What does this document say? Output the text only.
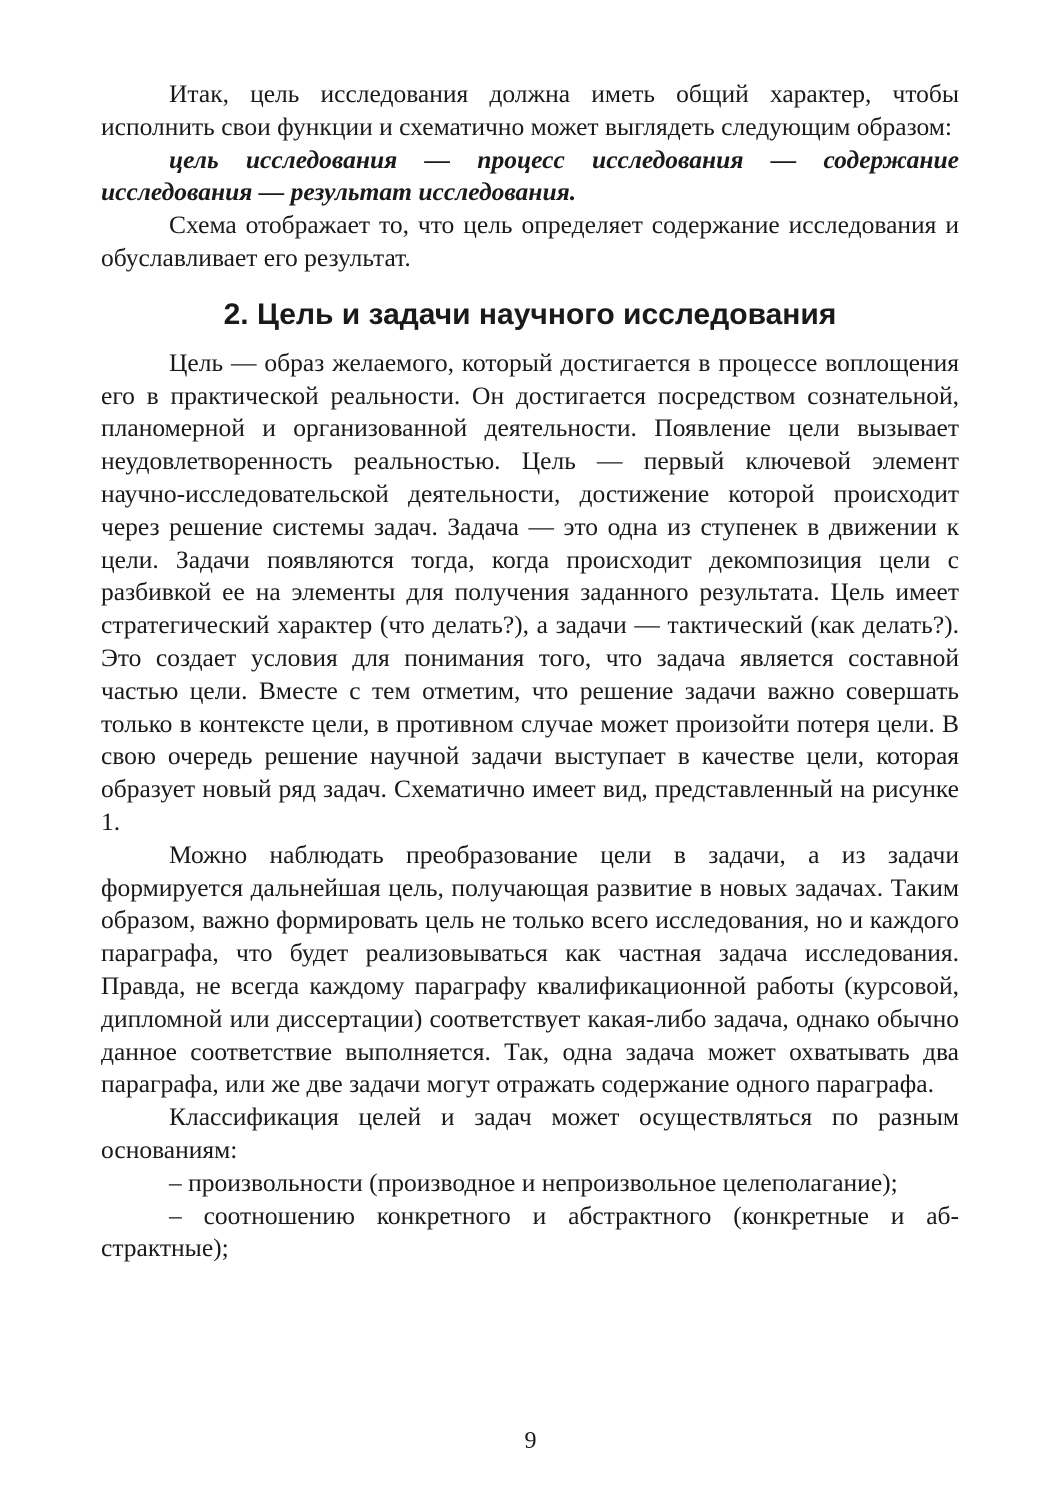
Итак, цель исследования должна иметь общий характер, чтобы исполнить свои функции и схематично может выглядеть следующим образом:

цель исследования — процесс исследования — содержание исследования — результат исследования.

Схема отображает то, что цель определяет содержание исследования и обуславливает его результат.

2. Цель и задачи научного исследования

Цель — образ желаемого, который достигается в процессе воплощения его в практической реальности. Он достигается посредством сознательной, планомерной и организованной деятельности. Появление цели вызывает неудовлетворенность реальностью. Цель — первый ключевой элемент научно-исследовательской деятельности, достижение которой происходит через решение системы задач. Задача — это одна из ступенек в движении к цели. Задачи появляются тогда, когда происходит декомпозиция цели с разбивкой ее на элементы для получения заданного результата. Цель имеет стратегический характер (что делать?), а задачи — тактический (как делать?). Это создает условия для понимания того, что задача является составной частью цели. Вместе с тем отметим, что решение задачи важно совершать только в контексте цели, в противном случае может произойти потеря цели. В свою очередь решение научной задачи выступает в качестве цели, которая образует новый ряд задач. Схематично имеет вид, представленный на рисунке 1.

Можно наблюдать преобразование цели в задачи, а из задачи формируется дальнейшая цель, получающая развитие в новых задачах. Таким образом, важно формировать цель не только всего исследования, но и каждого параграфа, что будет реализовываться как частная задача исследования. Правда, не всегда каждому параграфу квалификационной работы (курсовой, дипломной или диссертации) соответствует какая-либо задача, однако обычно данное соответствие выполняется. Так, одна задача может охватывать два параграфа, или же две задачи могут отражать содержание одного параграфа.

Классификация целей и задач может осуществляться по разным основаниям:

– произвольности (производное и непроизвольное целеполагание);

– соотношению конкретного и абстрактного (конкретные и абстрактные);

9
